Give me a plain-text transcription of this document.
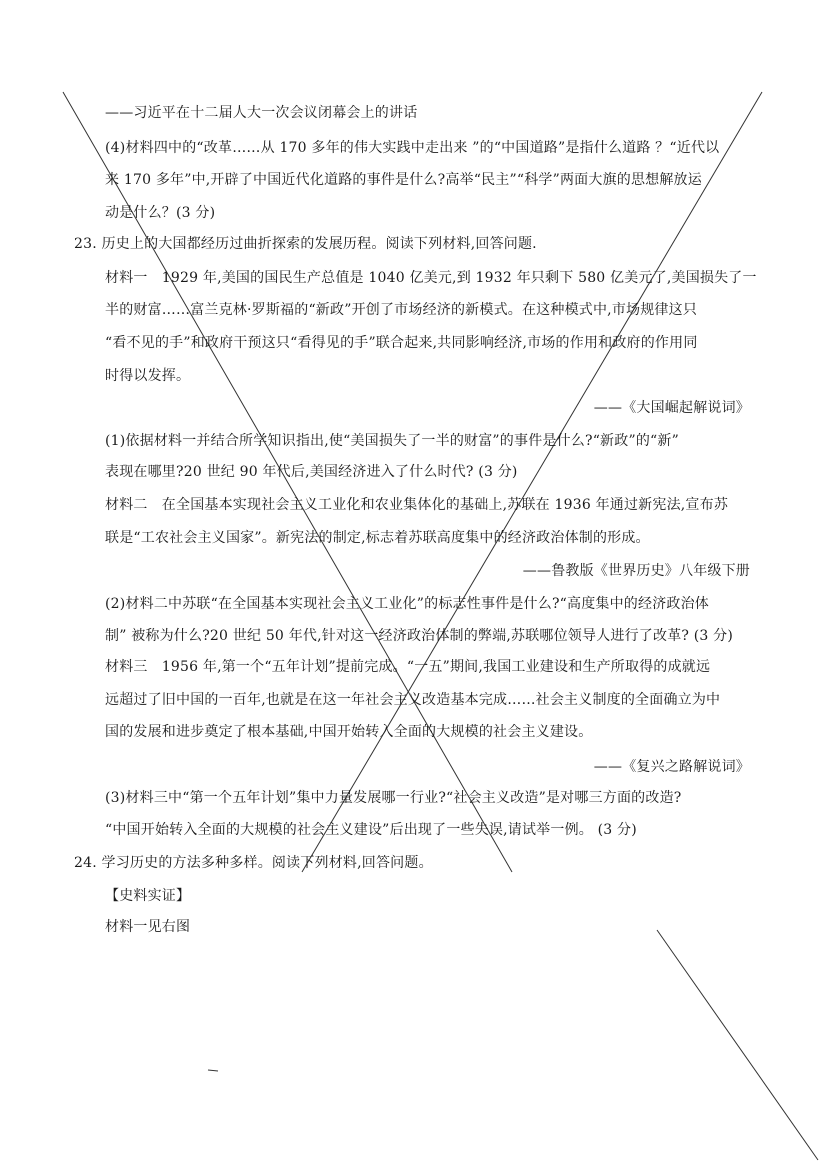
——习近平在十二届人大一次会议闭幕会上的讲话
(4)材料四中的“改革……从 170 多年的伟大实践中走出来 ”的“中国道路”是指什么道路 ？“近代以
来 170 多年”中,开辟了中国近代化道路的事件是什么?高举“民主”“科学”两面大旗的思想解放运
动是什么？(3 分)
23. 历史上的大国都经历过曲折探索的发展历程。阅读下列材料,回答问题.
材料一　1929 年,美国的国民生产总值是 1040 亿美元,到 1932 年只剩下 580 亿美元了,美国损失了一
半的财富……富兰克林·罗斯福的“新政”开创了市场经济的新模式。在这种模式中,市场规律这只
“看不见的手”和政府干预这只“看得见的手”联合起来,共同影响经济,市场的作用和政府的作用同
时得以发挥。
——《大国崛起解说词》
(1)依据材料一并结合所学知识指出,使“美国损失了一半的财富”的事件是什么?“新政”的“新”
表现在哪里?20 世纪 90 年代后,美国经济进入了什么时代? (3 分)
材料二　在全国基本实现社会主义工业化和农业集体化的基础上,苏联在 1936 年通过新宪法,宣布苏
联是“工农社会主义国家”。新宪法的制定,标志着苏联高度集中的经济政治体制的形成。
——鲁教版《世界历史》八年级下册
(2)材料二中苏联“在全国基本实现社会主义工业化”的标志性事件是什么?“高度集中的经济政治体
制” 被称为什么?20 世纪 50 年代,针对这一经济政治体制的弊端,苏联哪位领导人进行了改革? (3 分)
材料三　1956 年,第一个“五年计划”提前完成。“一五”期间,我国工业建设和生产所取得的成就远
远超过了旧中国的一百年,也就是在这一年社会主义改造基本完成……社会主义制度的全面确立为中
国的发展和进步奠定了根本基础,中国开始转入全面的大规模的社会主义建设。
——《复兴之路解说词》
(3)材料三中“第一个五年计划”集中力量发展哪一行业?“社会主义改造”是对哪三方面的改造?
“中国开始转入全面的大规模的社会主义建设”后出现了一些失误,请试举一例。 (3 分)
24. 学习历史的方法多种多样。阅读下列材料,回答问题。
【史料实证】
材料一见右图
